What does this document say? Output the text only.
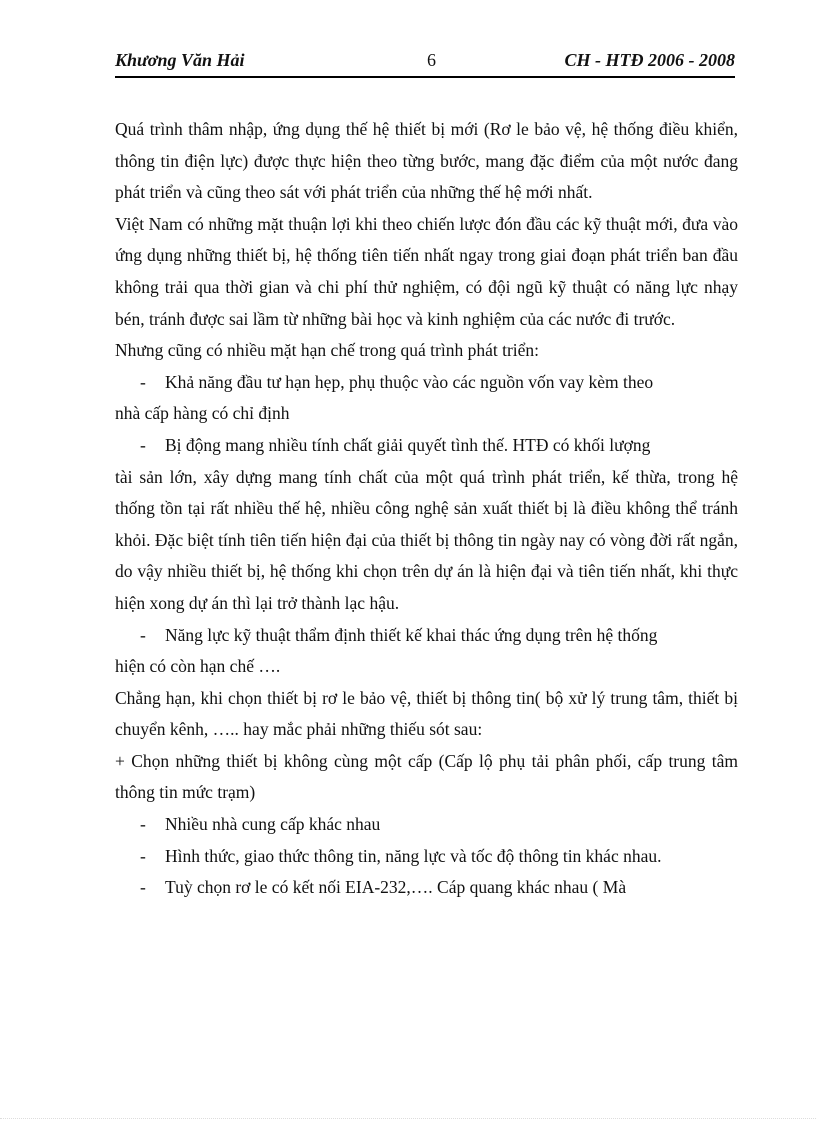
Khương Văn Hải	6	CH - HTĐ 2006 - 2008

Quá trình thâm nhập, ứng dụng thế hệ thiết bị mới (Rơ le bảo vệ, hệ thống điều khiển, thông tin điện lực) được thực hiện theo từng bước, mang đặc điểm của một nước đang phát triển và cũng theo sát với phát triển của những thế hệ mới nhất.

Việt Nam có những mặt thuận lợi khi theo chiến lược đón đầu các kỹ thuật mới, đưa vào ứng dụng những thiết bị, hệ thống tiên tiến nhất ngay trong giai đoạn phát triển ban đầu không trải qua thời gian và chi phí thử nghiệm, có đội ngũ kỹ thuật có năng lực nhạy bén, tránh được sai lầm từ những bài học và kinh nghiệm của các nước đi trước.

Nhưng cũng có nhiều mặt hạn chế trong quá trình phát triển:

- Khả năng đầu tư hạn hẹp, phụ thuộc vào các nguồn vốn vay kèm theo

nhà cấp hàng có chỉ định

- Bị động mang nhiều tính chất giải quyết tình thế. HTĐ có khối lượng

tài sản lớn, xây dựng mang tính chất của một quá trình phát triển, kế thừa, trong hệ thống tồn tại rất nhiều thế hệ, nhiều công nghệ sản xuất thiết bị là điều không thể tránh khỏi. Đặc biệt tính tiên tiến hiện đại của thiết bị thông tin ngày nay có vòng đời rất ngắn, do vậy nhiều thiết bị, hệ thống khi chọn trên dự án là hiện đại và tiên tiến nhất, khi thực hiện xong dự án thì lại trở thành lạc hậu.

- Năng lực kỹ thuật thẩm định thiết kế khai thác ứng dụng trên hệ thống

hiện có còn hạn chế ….

Chẳng hạn, khi chọn thiết bị rơ le bảo vệ, thiết bị thông tin( bộ xử lý trung tâm, thiết bị chuyển kênh, ….. hay mắc phải những thiếu sót sau:

+ Chọn những thiết bị không cùng một cấp (Cấp lộ phụ tải phân phối, cấp trung tâm thông tin mức trạm)

- Nhiều nhà cung cấp khác nhau

- Hình thức, giao thức thông tin, năng lực và tốc độ thông tin khác nhau.

- Tuỳ chọn rơ le có kết nối EIA-232,…. Cáp quang khác nhau ( Mà
